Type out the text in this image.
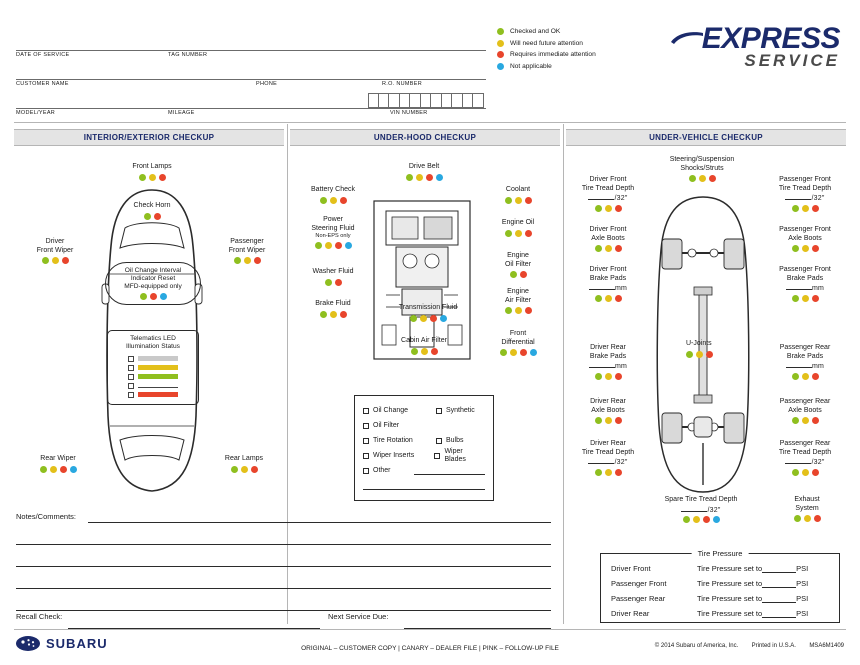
DATE OF SERVICE	TAG NUMBER
CUSTOMER NAME	PHONE	R.O. NUMBER
MODEL/YEAR	MILEAGE	VIN NUMBER
Checked and OK
Will need future attention
Requires immediate attention
Not applicable
EXPRESS
SERVICE
INTERIOR/EXTERIOR CHECKUP	UNDER-HOOD CHECKUP	UNDER-VEHICLE CHECKUP
Front Lamps
Check Horn
Driver
Front Wiper
Passenger
Front Wiper
Oil Change Interval
Indicator Reset
MFD-equipped only
Telematics LED
Illumination Status
Rear Wiper	Rear Lamps
Drive Belt
Battery Check	Coolant
Power
Steering Fluid
Non-EPS only
Engine Oil
Washer Fluid
Engine
Oil Filter
Brake Fluid
Engine
Air Filter
Transmission Fluid
Front
Differential
Cabin Air Filter
Oil Change	Synthetic
Oil Filter
Tire Rotation	Bulbs
Wiper Inserts
Wiper Blades
Other
Steering/Suspension
Shocks/Struts
Driver Front
Tire Tread Depth
/32"
Driver Front
Axle Boots
Driver Front
Brake Pads
mm
Driver Rear
Brake Pads
mm
Driver Rear
Axle Boots
Driver Rear
Tire Tread Depth
/32"
Passenger Front
Tire Tread Depth
/32"
Passenger Front
Axle Boots
Passenger Front
Brake Pads
mm
Passenger Rear
Brake Pads
mm
Passenger Rear
Axle Boots
Passenger Rear
Tire Tread Depth
/32"
U-Joints
Spare Tire Tread Depth
/32"
Exhaust
System
Tire Pressure
Driver Front	Tire Pressure set to	PSI
Passenger Front	Tire Pressure set to	PSI
Passenger Rear	Tire Pressure set to	PSI
Driver Rear	Tire Pressure set to	PSI
Notes/Comments:
Recall Check:	Next Service Due:
SUBARU	ORIGINAL – CUSTOMER COPY | CANARY – DEALER FILE | PINK – FOLLOW-UP FILE	© 2014 Subaru of America, Inc. Printed in U.S.A. MSA6M1409
